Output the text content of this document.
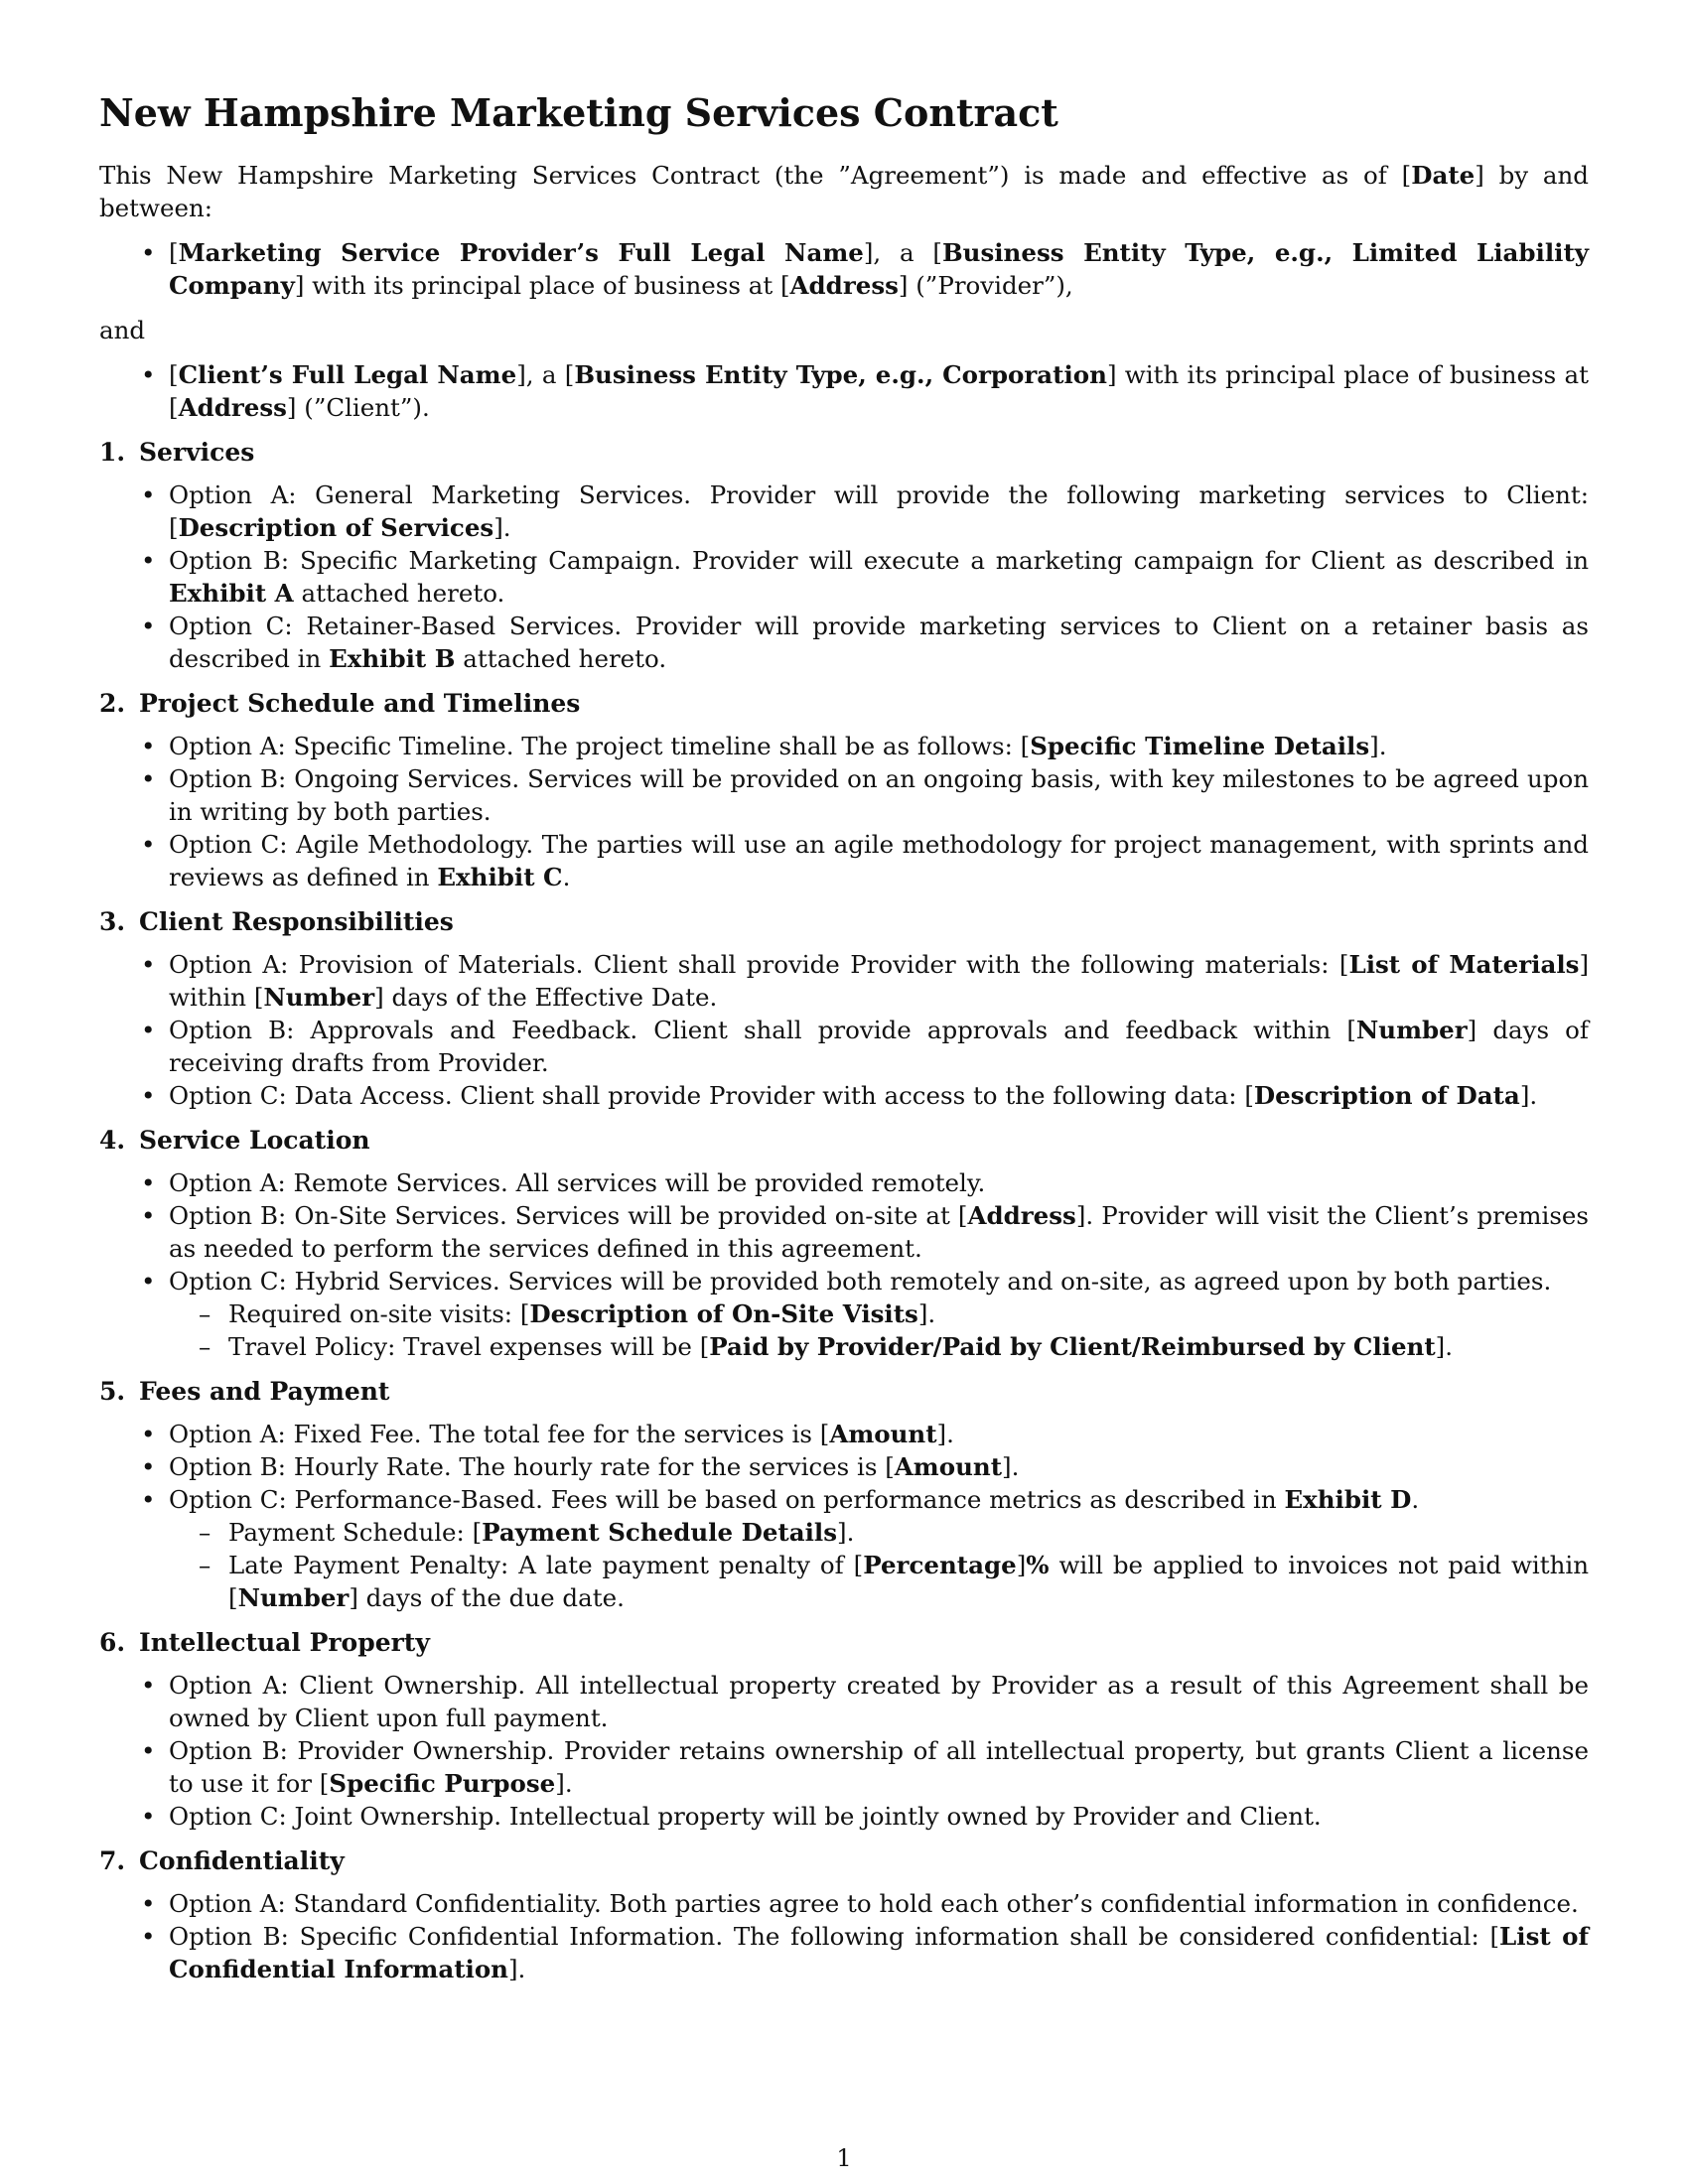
New Hampshire Marketing Services Contract

This New Hampshire Marketing Services Contract (the ”Agreement”) is made and effective as of [Date] by and between:

• [Marketing Service Provider’s Full Legal Name], a [Business Entity Type, e.g., Limited Liability Company] with its principal place of business at [Address] (”Provider”),

and

• [Client’s Full Legal Name], a [Business Entity Type, e.g., Corporation] with its principal place of business at [Address] (”Client”).
1. Services
• Option A: General Marketing Services. Provider will provide the following marketing services to Client: [Description of Services].
• Option B: Specific Marketing Campaign. Provider will execute a marketing campaign for Client as described in Exhibit A attached hereto.
• Option C: Retainer-Based Services. Provider will provide marketing services to Client on a retainer basis as described in Exhibit B attached hereto.
2. Project Schedule and Timelines
• Option A: Specific Timeline. The project timeline shall be as follows: [Specific Timeline Details].
• Option B: Ongoing Services. Services will be provided on an ongoing basis, with key milestones to be agreed upon in writing by both parties.
• Option C: Agile Methodology. The parties will use an agile methodology for project management, with sprints and reviews as defined in Exhibit C.
3. Client Responsibilities
• Option A: Provision of Materials. Client shall provide Provider with the following materials: [List of Materials] within [Number] days of the Effective Date.
• Option B: Approvals and Feedback. Client shall provide approvals and feedback within [Number] days of receiving drafts from Provider.
• Option C: Data Access. Client shall provide Provider with access to the following data: [Description of Data].
4. Service Location
• Option A: Remote Services. All services will be provided remotely.
• Option B: On-Site Services. Services will be provided on-site at [Address]. Provider will visit the Client’s premises as needed to perform the services defined in this agreement.
• Option C: Hybrid Services. Services will be provided both remotely and on-site, as agreed upon by both parties.
– Required on-site visits: [Description of On-Site Visits].
– Travel Policy: Travel expenses will be [Paid by Provider/Paid by Client/Reimbursed by Client].
5. Fees and Payment
• Option A: Fixed Fee. The total fee for the services is [Amount].
• Option B: Hourly Rate. The hourly rate for the services is [Amount].
• Option C: Performance-Based. Fees will be based on performance metrics as described in Exhibit D.
– Payment Schedule: [Payment Schedule Details].
– Late Payment Penalty: A late payment penalty of [Percentage]% will be applied to invoices not paid within [Number] days of the due date.
6. Intellectual Property
• Option A: Client Ownership. All intellectual property created by Provider as a result of this Agreement shall be owned by Client upon full payment.
• Option B: Provider Ownership. Provider retains ownership of all intellectual property, but grants Client a license to use it for [Specific Purpose].
• Option C: Joint Ownership. Intellectual property will be jointly owned by Provider and Client.
7. Confidentiality
• Option A: Standard Confidentiality. Both parties agree to hold each other’s confidential information in confidence.
• Option B: Specific Confidential Information. The following information shall be considered confidential: [List of Confidential Information].
1
